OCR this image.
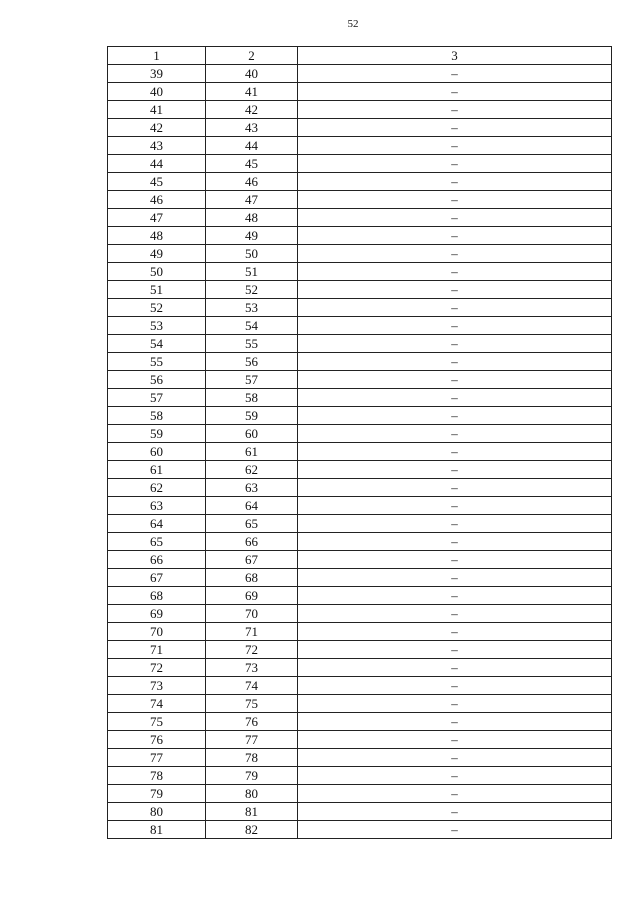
52
1	2	3
39	40	–
40	41	–
41	42	–
42	43	–
43	44	–
44	45	–
45	46	–
46	47	–
47	48	–
48	49	–
49	50	–
50	51	–
51	52	–
52	53	–
53	54	–
54	55	–
55	56	–
56	57	–
57	58	–
58	59	–
59	60	–
60	61	–
61	62	–
62	63	–
63	64	–
64	65	–
65	66	–
66	67	–
67	68	–
68	69	–
69	70	–
70	71	–
71	72	–
72	73	–
73	74	–
74	75	–
75	76	–
76	77	–
77	78	–
78	79	–
79	80	–
80	81	–
81	82	–
